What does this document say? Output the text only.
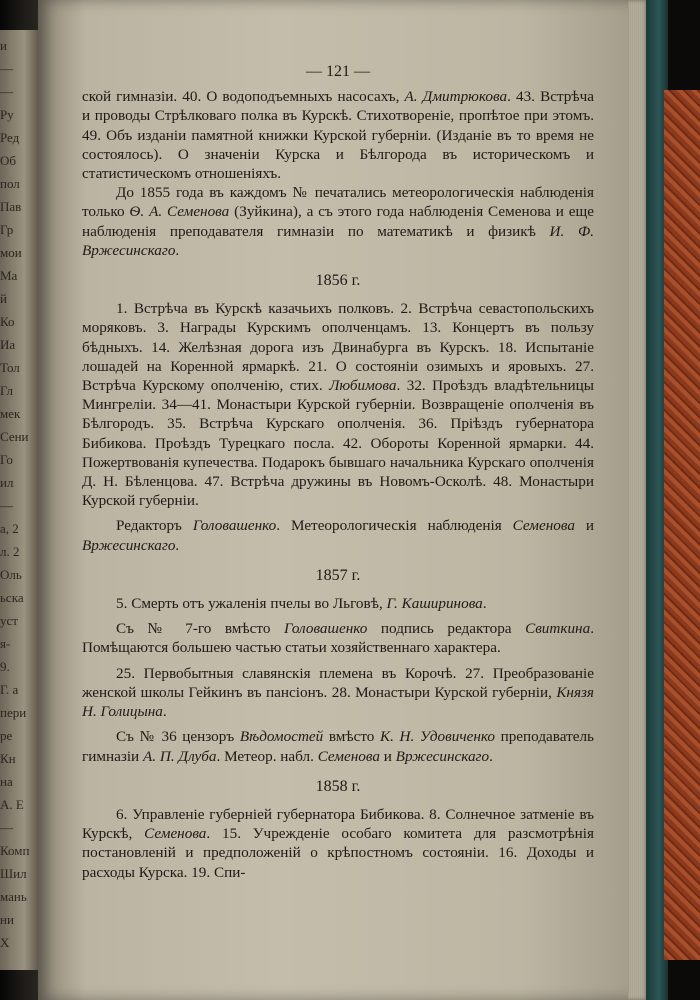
и
—
—
Ру
Ред
Об
пол
Пав
Гр
мои
Ма
й
Ко
Иа
Тол
Гл
мек
Сени
Го
ил
—
а, 2
л. 2
Оль
ьска
уст
я-
9.
Г. а
пери
ре
Кн
на
А. Е
—
Комп
Шил
мань
ни
Х
— 121 —
ской гимназіи. 40. О водоподъемныхъ насосахъ, А. Дмитрюкова. 43. Встрѣча и проводы Стрѣлковаго полка въ Курскѣ. Стихотвореніе, пропѣтое при этомъ. 49. Объ изданіи памятной книжки Курской губерніи. (Изданіе въ то время не состоялось). О значеніи Курска и Бѣлгорода въ историческомъ и статистическомъ отношеніяхъ.
До 1855 года въ каждомъ № печатались метеорологическія наблюденія только Ѳ. А. Семенова (Зуйкина), а съ этого года наблюденія Семенова и еще наблюденія преподавателя гимназіи по математикѣ и физикѣ И. Ф. Вржесинскаго.
1856 г.
1. Встрѣча въ Курскѣ казачьихъ полковъ. 2. Встрѣча севастопольскихъ моряковъ. 3. Награды Курскимъ ополченцамъ. 13. Концертъ въ пользу бѣдныхъ. 14. Желѣзная дорога изъ Двинабурга въ Курскъ. 18. Испытаніе лошадей на Коренной ярмаркѣ. 21. О состояніи озимыхъ и яровыхъ. 27. Встрѣча Курскому ополченію, стих. Любимова. 32. Проѣздъ владѣтельницы Мингреліи. 34—41. Монастыри Курской губерніи. Возвращеніе ополченія въ Бѣлгородъ. 35. Встрѣча Курскаго ополченія. 36. Пріѣздъ губернатора Бибикова. Проѣздъ Турецкаго посла. 42. Обороты Коренной ярмарки. 44. Пожертвованія купечества. Подарокъ бывшаго начальника Курскаго ополченія Д. Н. Бѣленцова. 47. Встрѣча дружины въ Новомъ-Осколѣ. 48. Монастыри Курской губерніи.
Редакторъ Головашенко. Метеорологическія наблюденія Семенова и Вржесинскаго.
1857 г.
5. Смерть отъ ужаленія пчелы во Льговѣ, Г. Каширинова.
Съ № 7-го вмѣсто Головашенко подпись редактора Свиткина. Помѣщаются большею частью статьи хозяйственнаго характера.
25. Первобытныя славянскія племена въ Корочѣ. 27. Преобразованіе женской школы Гейкинъ въ пансіонъ. 28. Монастыри Курской губерніи, Князя Н. Голицына.
Съ № 36 цензоръ Вѣдомостей вмѣсто К. Н. Удовиченко преподаватель гимназіи А. П. Длуба. Метеор. набл. Семенова и Вржесинскаго.
1858 г.
6. Управленіе губерніей губернатора Бибикова. 8. Солнечное затменіе въ Курскѣ, Семенова. 15. Учрежденіе особаго комитета для разсмотрѣнія постановленій и предположеній о крѣпостномъ состояніи. 16. Доходы и расходы Курска. 19. Спи-
